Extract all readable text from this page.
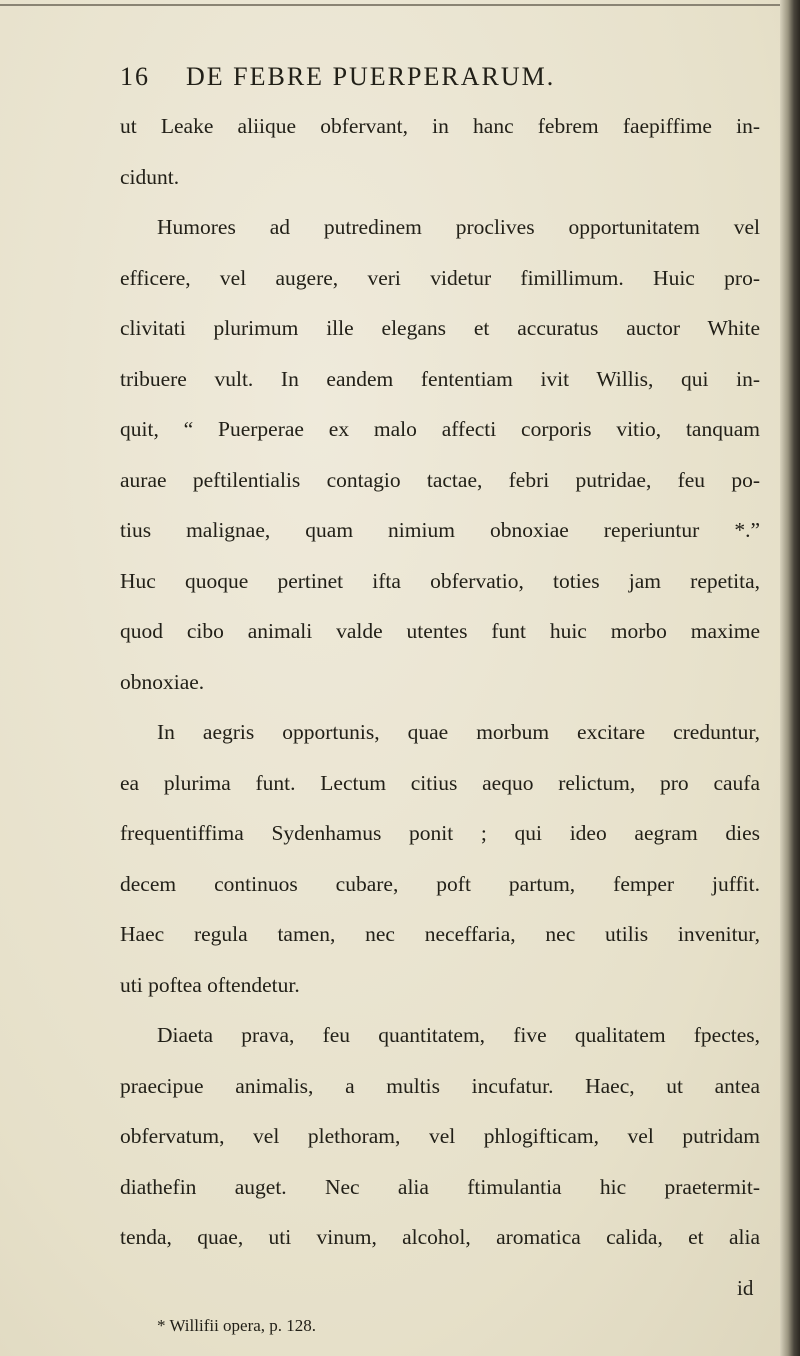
16 DE FEBRE PUERPERARUM.
ut Leake aliique obfervant, in hanc febrem faepiffime in-
cidunt.
Humores ad putredinem proclives opportunitatem vel
efficere, vel augere, veri videtur fimillimum. Huic pro-
clivitati plurimum ille elegans et accuratus auctor White
tribuere vult. In eandem fententiam ivit Willis, qui in-
quit, “ Puerperae ex malo affecti corporis vitio, tanquam
aurae peftilentialis contagio tactae, febri putridae, feu po-
tius malignae, quam nimium obnoxiae reperiuntur *.”
Huc quoque pertinet ifta obfervatio, toties jam repetita,
quod cibo animali valde utentes funt huic morbo maxime
obnoxiae.
In aegris opportunis, quae morbum excitare creduntur,
ea plurima funt. Lectum citius aequo relictum, pro caufa
frequentiffima Sydenhamus ponit ; qui ideo aegram dies
decem continuos cubare, poft partum, femper juffit.
Haec regula tamen, nec neceffaria, nec utilis invenitur,
uti poftea oftendetur.
Diaeta prava, feu quantitatem, five qualitatem fpectes,
praecipue animalis, a multis incufatur. Haec, ut antea
obfervatum, vel plethoram, vel phlogifticam, vel putridam
diathefin auget. Nec alia ftimulantia hic praetermit-
tenda, quae, uti vinum, alcohol, aromatica calida, et alia
id
* Willifii opera, p. 128.
